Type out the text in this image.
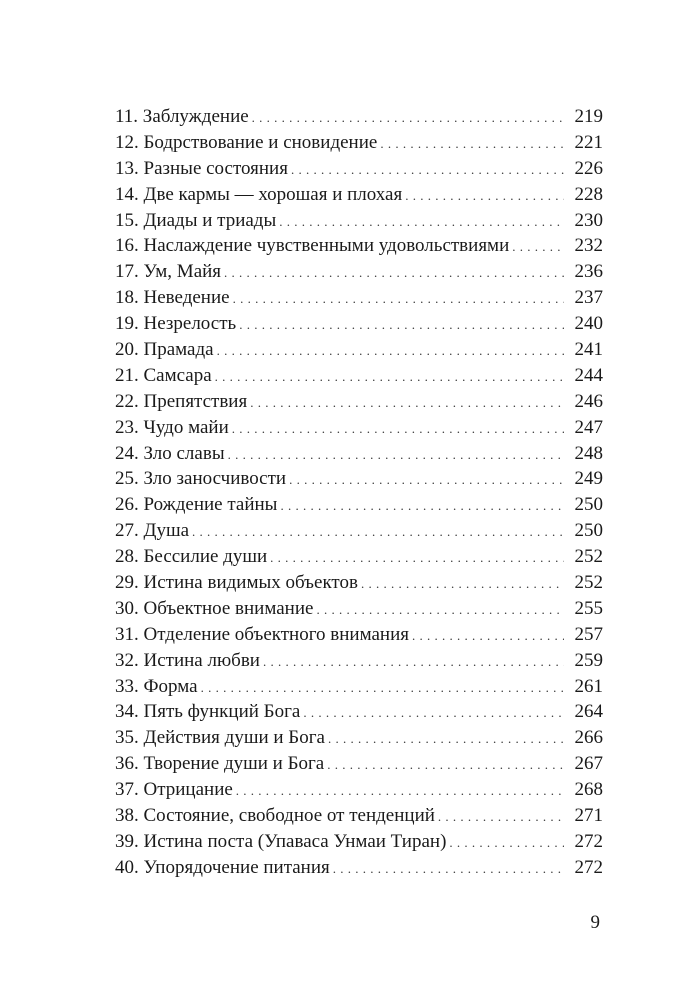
11. Заблуждение . . .	219
12. Бодрствование и сновидение . . .	221
13. Разные состояния . . .	226
14. Две кармы — хорошая и плохая . . .	228
15. Диады и триады . . .	230
16. Наслаждение чувственными удовольствиями . . .	232
17. Ум, Майя . . .	236
18. Неведение . . .	237
19. Незрелость . . .	240
20. Прамада . . .	241
21. Самсара . . .	244
22. Препятствия . . .	246
23. Чудо майи . . .	247
24. Зло славы . . .	248
25. Зло заносчивости . . .	249
26. Рождение тайны . . .	250
27. Душа . . .	250
28. Бессилие души . . .	252
29. Истина видимых объектов . . .	252
30. Объектное внимание . . .	255
31. Отделение объектного внимания . . .	257
32. Истина любви . . .	259
33. Форма . . .	261
34. Пять функций Бога . . .	264
35. Действия души и Бога . . .	266
36. Творение души и Бога . . .	267
37. Отрицание . . .	268
38. Состояние, свободное от тенденций . . .	271
39. Истина поста (Упаваса Унмаи Тиран) . . .	272
40. Упорядочение питания . . .	272
9
